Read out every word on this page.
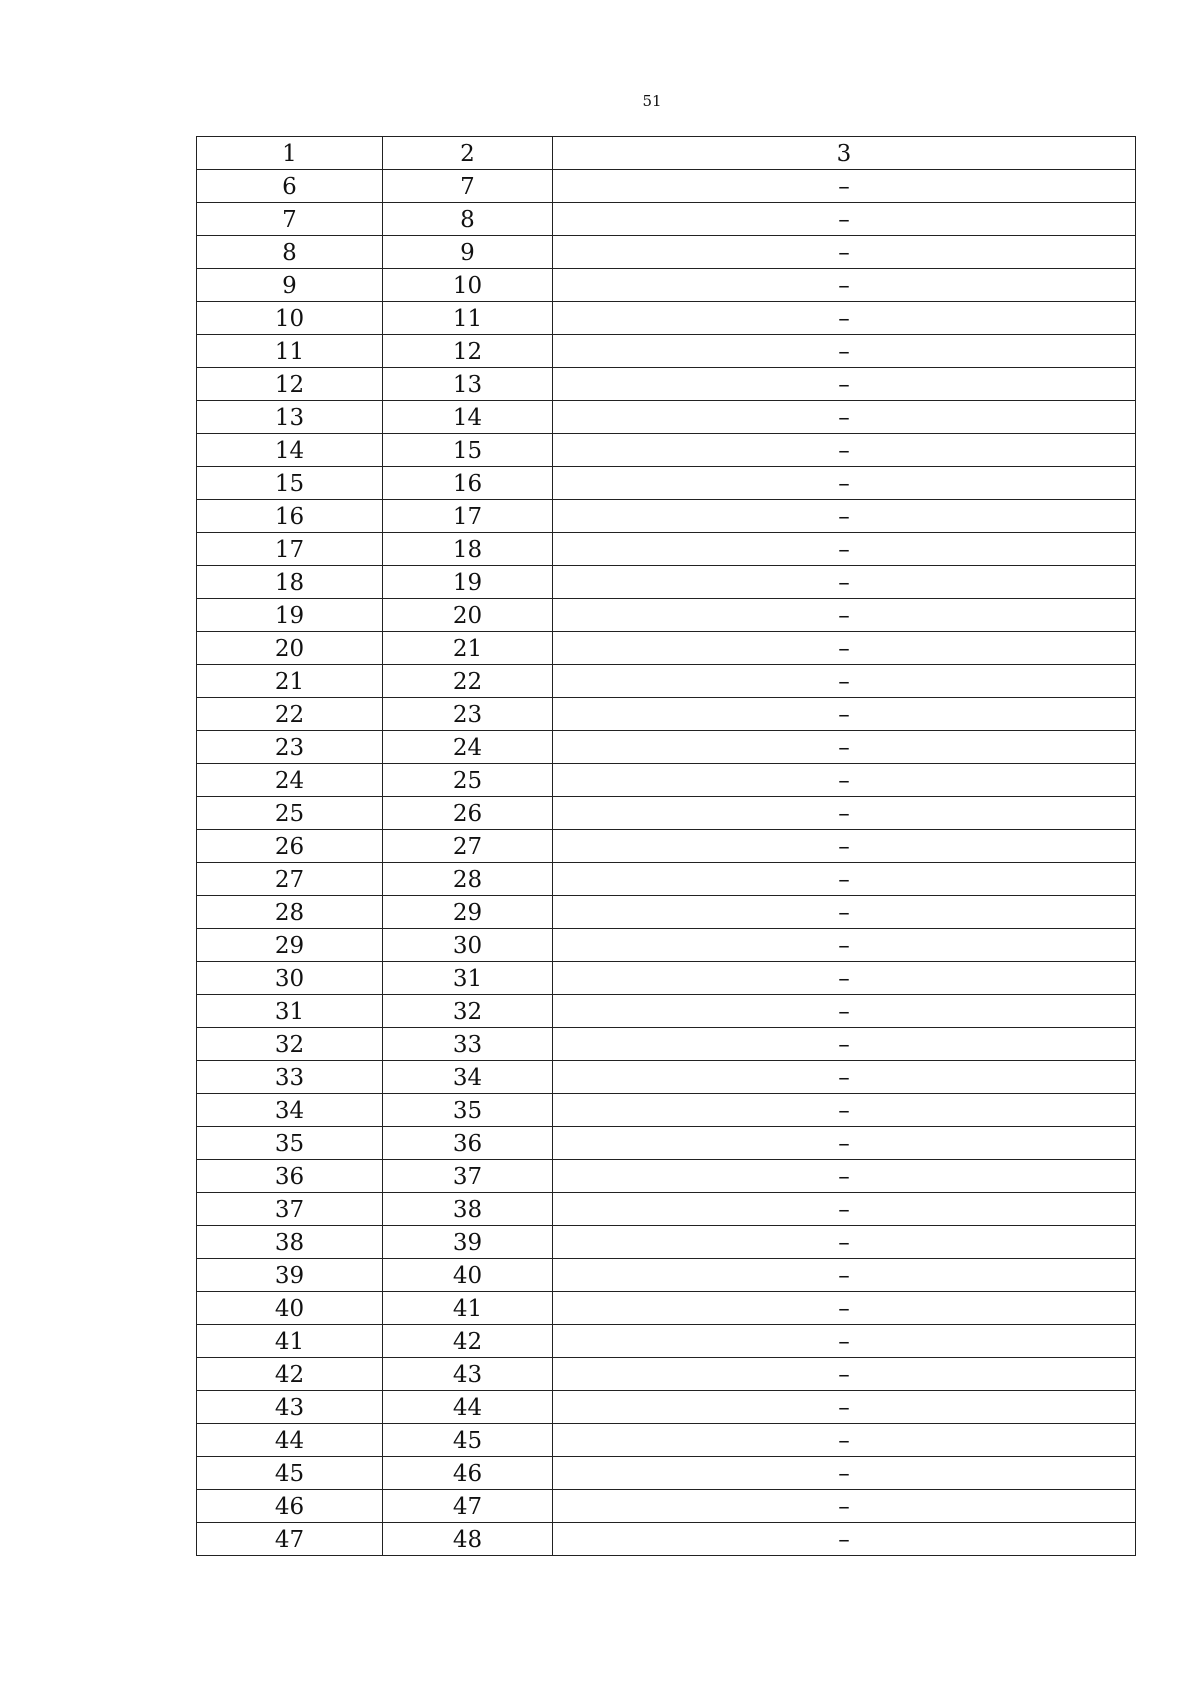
51
1	2	3
6	7	–
7	8	–
8	9	–
9	10	–
10	11	–
11	12	–
12	13	–
13	14	–
14	15	–
15	16	–
16	17	–
17	18	–
18	19	–
19	20	–
20	21	–
21	22	–
22	23	–
23	24	–
24	25	–
25	26	–
26	27	–
27	28	–
28	29	–
29	30	–
30	31	–
31	32	–
32	33	–
33	34	–
34	35	–
35	36	–
36	37	–
37	38	–
38	39	–
39	40	–
40	41	–
41	42	–
42	43	–
43	44	–
44	45	–
45	46	–
46	47	–
47	48	–
